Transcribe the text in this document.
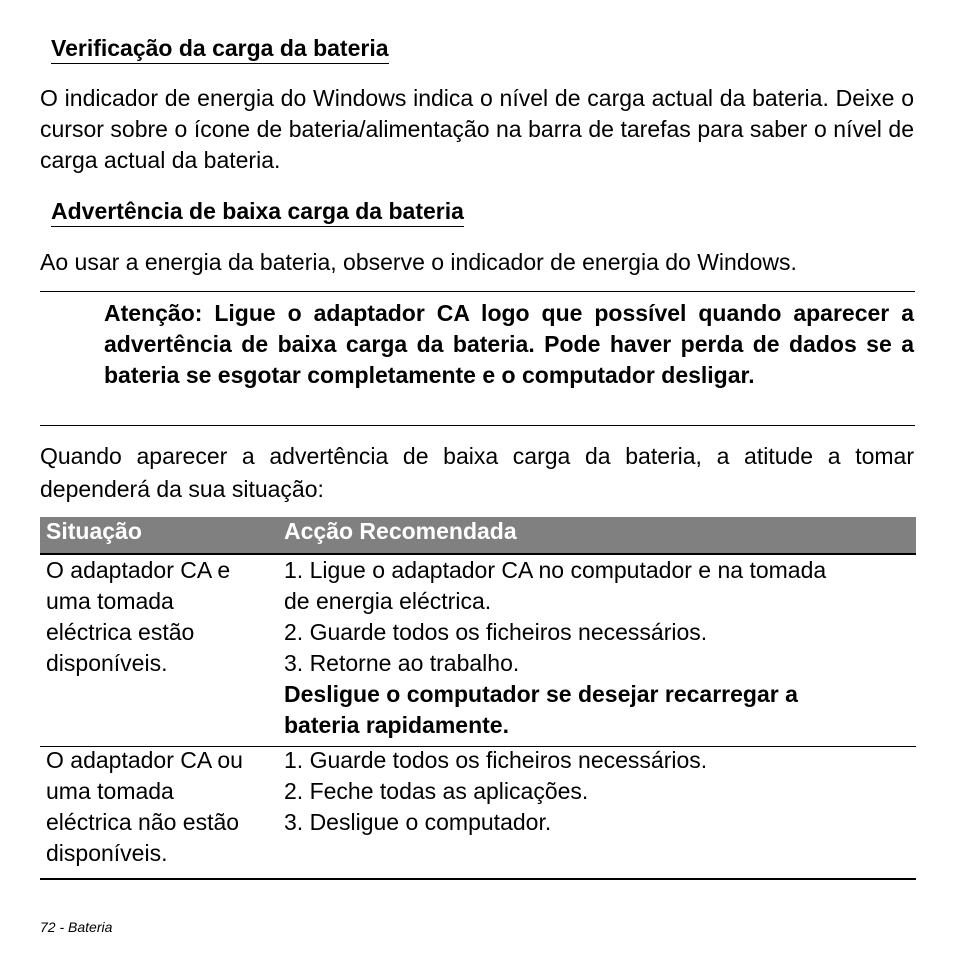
Verificação da carga da bateria
O indicador de energia do Windows indica o nível de carga actual da bateria. Deixe o cursor sobre o ícone de bateria/alimentação na barra de tarefas para saber o nível de carga actual da bateria.
Advertência de baixa carga da bateria
Ao usar a energia da bateria, observe o indicador de energia do Windows.
Atenção: Ligue o adaptador CA logo que possível quando aparecer a advertência de baixa carga da bateria. Pode haver perda de dados se a bateria se esgotar completamente e o computador desligar.
Quando aparecer a advertência de baixa carga da bateria, a atitude a tomar dependerá da sua situação:
Situação	Acção Recomendada
O adaptador CA e
uma tomada
eléctrica estão
disponíveis.
1. Ligue o adaptador CA no computador e na tomada
de energia eléctrica.
2. Guarde todos os ficheiros necessários.
3. Retorne ao trabalho.
Desligue o computador se desejar recarregar a
bateria rapidamente.
O adaptador CA ou
uma tomada
eléctrica não estão
disponíveis.
1. Guarde todos os ficheiros necessários.
2. Feche todas as aplicações.
3. Desligue o computador.
72 - Bateria
